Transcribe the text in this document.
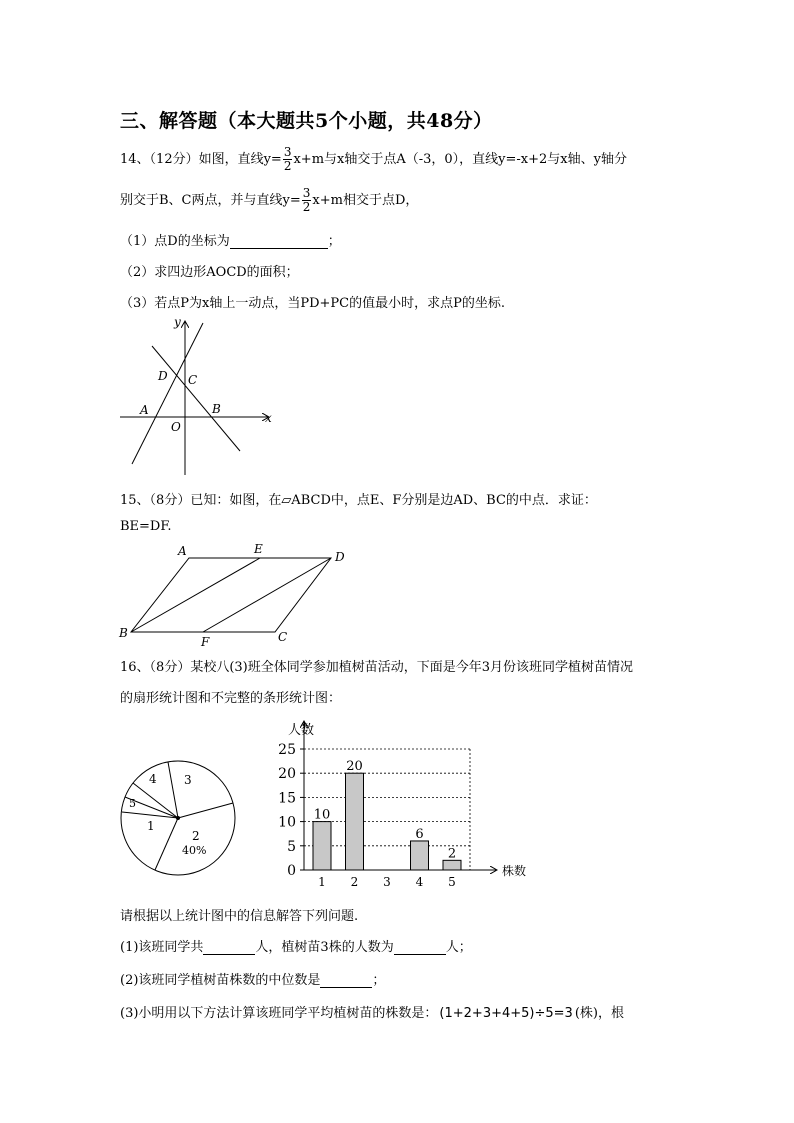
三、解答题（本大题共5个小题，共48分）
14、（12分）如图，直线$y= \frac{3}{2} x+m$与x轴交于点A（-3，0），直线y=-x+2与x轴、y轴分
别交于B、C两点，并与直线$y= \frac{3}{2} x+m$相交于点D，
（1）点D的坐标为	；
（2）求四边形AOCD的面积；
（3）若点P为x轴上一动点，当PD+PC的值最小时，求点P的坐标.
y
x
D C
A	B
O
15、（8分）已知：如图，在▱ABCD中，点E、F分别是边AD、BC的中点．求证：
BE=DF.
A	E
D
B
F	C
16、（8分）某校八(3)班全体同学参加植树苗活动，下面是今年3月份该班同学植树苗情况
的扇形统计图和不完整的条形统计图：
4 3
5
1
2
40%
人数
株数
0
5
10
15
20
25
10
1
20
2 3
6
4
2
5
请根据以上统计图中的信息解答下列问题.
(1)该班同学共	人，植树苗3株的人数为	人；
(2)该班同学植树苗株数的中位数是	；
(3)小明用以下方法计算该班同学平均植树苗的株数是： (1+2+3+4+5)÷5=3 (株)，根
